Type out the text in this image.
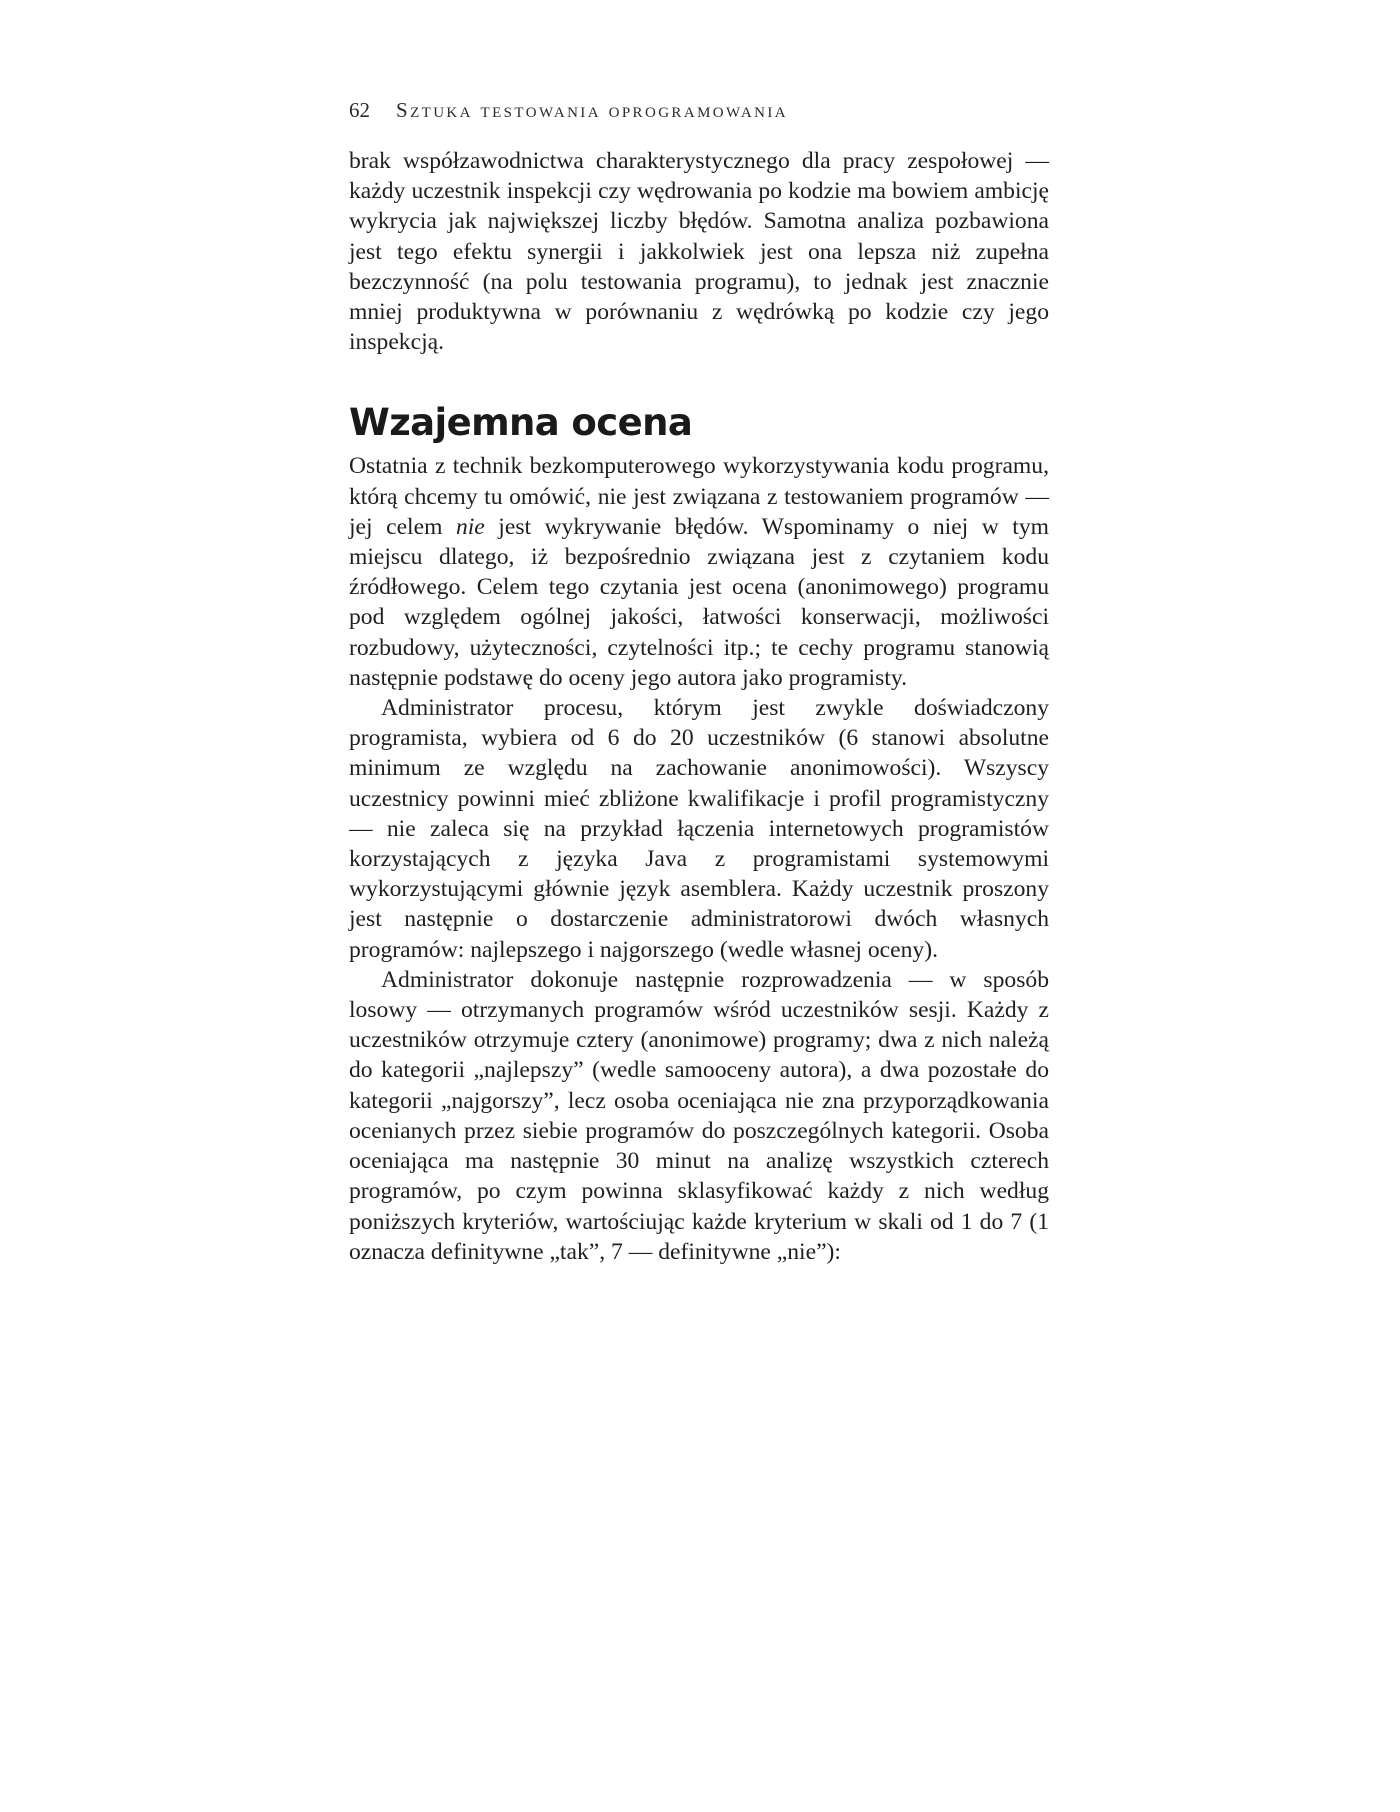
62 Sztuka testowania oprogramowania

brak współzawodnictwa charakterystycznego dla pracy zespołowej — każdy uczestnik inspekcji czy wędrowania po kodzie ma bowiem ambicję wykrycia jak największej liczby błędów. Samotna analiza pozbawiona jest tego efektu synergii i jakkolwiek jest ona lepsza niż zupełna bezczynność (na polu testowania programu), to jednak jest znacznie mniej produktywna w porównaniu z wędrówką po kodzie czy jego inspekcją.

Wzajemna ocena

Ostatnia z technik bezkomputerowego wykorzystywania kodu programu, którą chcemy tu omówić, nie jest związana z testowaniem programów — jej celem nie jest wykrywanie błędów. Wspominamy o niej w tym miejscu dlatego, iż bezpośrednio związana jest z czytaniem kodu źródłowego. Celem tego czytania jest ocena (anonimowego) programu pod względem ogólnej jakości, łatwości konserwacji, możliwości rozbudowy, użyteczności, czytelności itp.; te cechy programu stanowią następnie podstawę do oceny jego autora jako programisty.

Administrator procesu, którym jest zwykle doświadczony programista, wybiera od 6 do 20 uczestników (6 stanowi absolutne minimum ze względu na zachowanie anonimowości). Wszyscy uczestnicy powinni mieć zbliżone kwalifikacje i profil programistyczny — nie zaleca się na przykład łączenia internetowych programistów korzystających z języka Java z programistami systemowymi wykorzystującymi głównie język asemblera. Każdy uczestnik proszony jest następnie o dostarczenie administratorowi dwóch własnych programów: najlepszego i najgorszego (wedle własnej oceny).

Administrator dokonuje następnie rozprowadzenia — w sposób losowy — otrzymanych programów wśród uczestników sesji. Każdy z uczestników otrzymuje cztery (anonimowe) programy; dwa z nich należą do kategorii „najlepszy” (wedle samooceny autora), a dwa pozostałe do kategorii „najgorszy”, lecz osoba oceniająca nie zna przyporządkowania ocenianych przez siebie programów do poszczególnych kategorii. Osoba oceniająca ma następnie 30 minut na analizę wszystkich czterech programów, po czym powinna sklasyfikować każdy z nich według poniższych kryteriów, wartościując każde kryterium w skali od 1 do 7 (1 oznacza definitywne „tak”, 7 — definitywne „nie”):
